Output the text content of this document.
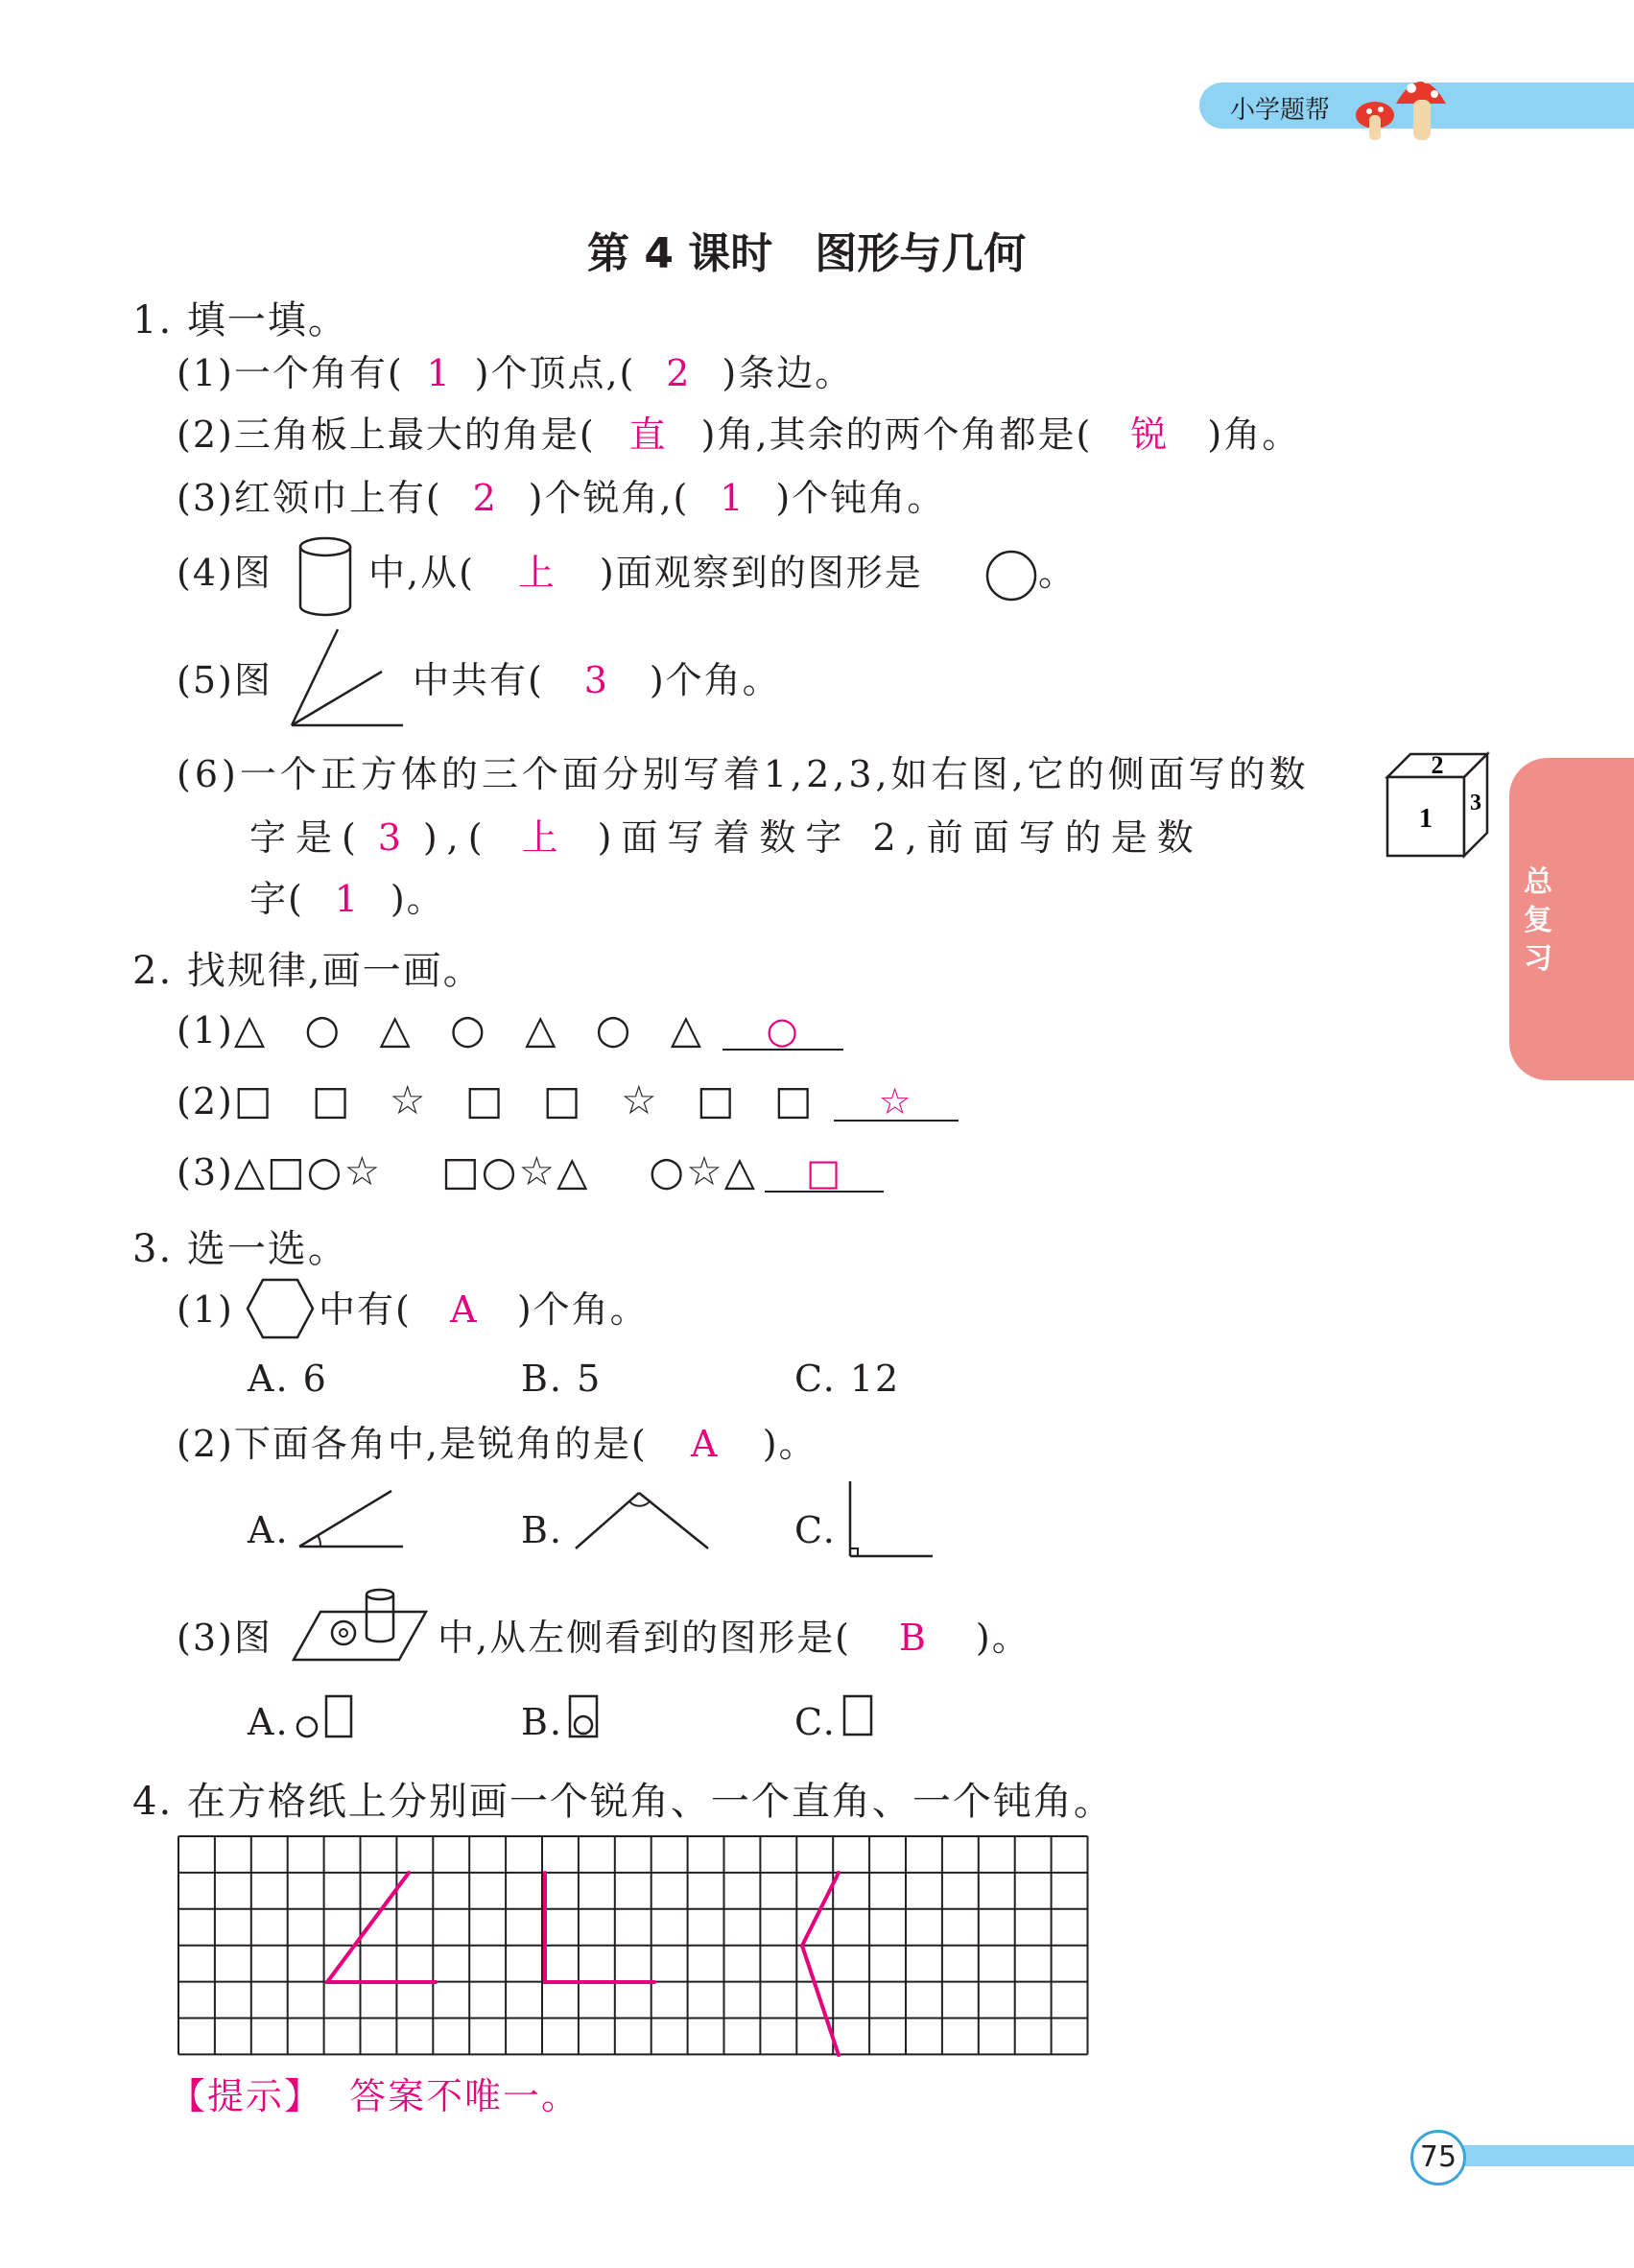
小学题帮
总复习
75
第 4 课时　图形与几何
1. 填一填。
(1)一个角有( 1 )个顶点,( 2 )条边。
(2)三角板上最大的角是( 直 )角,其余的两个角都是( 锐 )角。
(3)红领巾上有( 2 )个锐角,( 1 )个钝角。
(4)图	中,从( 上 )面观察到的图形是	。
(5)图	中共有( 3 )个角。
(6)一个正方体的三个面分别写着1,2,3,如右图,它的侧面写的数
字是( 3 ),( 上 )面写着数字 2,前面写的是数
字( 1 )。
2
1
3
2. 找规律,画一画。
(1)△ ○ △ ○ △ ○ △ ○
(2)□ □ ☆ □ □ ☆ □ □ ☆
(3)△□○☆ □○☆△ ○☆△ □
3. 选一选。
(1) 中有( A )个角。
A. 6	B. 5	C. 12
(2)下面各角中,是锐角的是( A )。
A.	B.	C.
(3)图	中,从左侧看到的图形是( B )。
A.	B.	C.
4. 在方格纸上分别画一个锐角、一个直角、一个钝角。
【提示】 答案不唯一。
